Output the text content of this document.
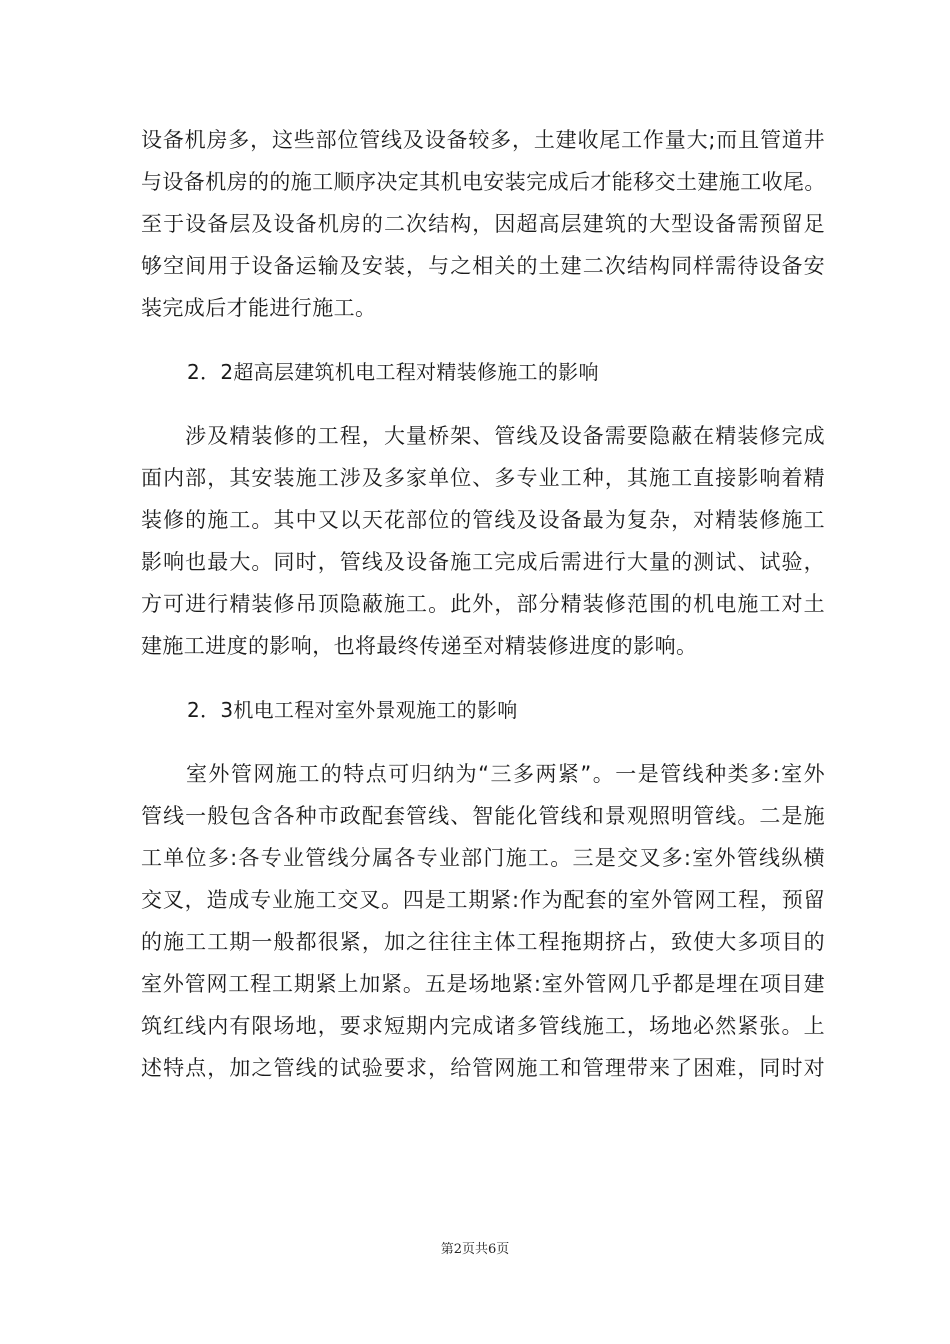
设备机房多，这些部位管线及设备较多，土建收尾工作量大;而且管道井
与设备机房的的施工顺序决定其机电安装完成后才能移交土建施工收尾。
至于设备层及设备机房的二次结构，因超高层建筑的大型设备需预留足
够空间用于设备运输及安装，与之相关的土建二次结构同样需待设备安
装完成后才能进行施工。
2．2超高层建筑机电工程对精装修施工的影响
　　涉及精装修的工程，大量桥架、管线及设备需要隐蔽在精装修完成
面内部，其安装施工涉及多家单位、多专业工种，其施工直接影响着精
装修的施工。其中又以天花部位的管线及设备最为复杂，对精装修施工
影响也最大。同时，管线及设备施工完成后需进行大量的测试、试验，
方可进行精装修吊顶隐蔽施工。此外，部分精装修范围的机电施工对土
建施工进度的影响，也将最终传递至对精装修进度的影响。
2．3机电工程对室外景观施工的影响
　　室外管网施工的特点可归纳为“三多两紧”。一是管线种类多:室外
管线一般包含各种市政配套管线、智能化管线和景观照明管线。二是施
工单位多:各专业管线分属各专业部门施工。三是交叉多:室外管线纵横
交叉，造成专业施工交叉。四是工期紧:作为配套的室外管网工程，预留
的施工工期一般都很紧，加之往往主体工程拖期挤占，致使大多项目的
室外管网工程工期紧上加紧。五是场地紧:室外管网几乎都是埋在项目建
筑红线内有限场地，要求短期内完成诸多管线施工，场地必然紧张。上
述特点，加之管线的试验要求，给管网施工和管理带来了困难，同时对
第2页共6页
